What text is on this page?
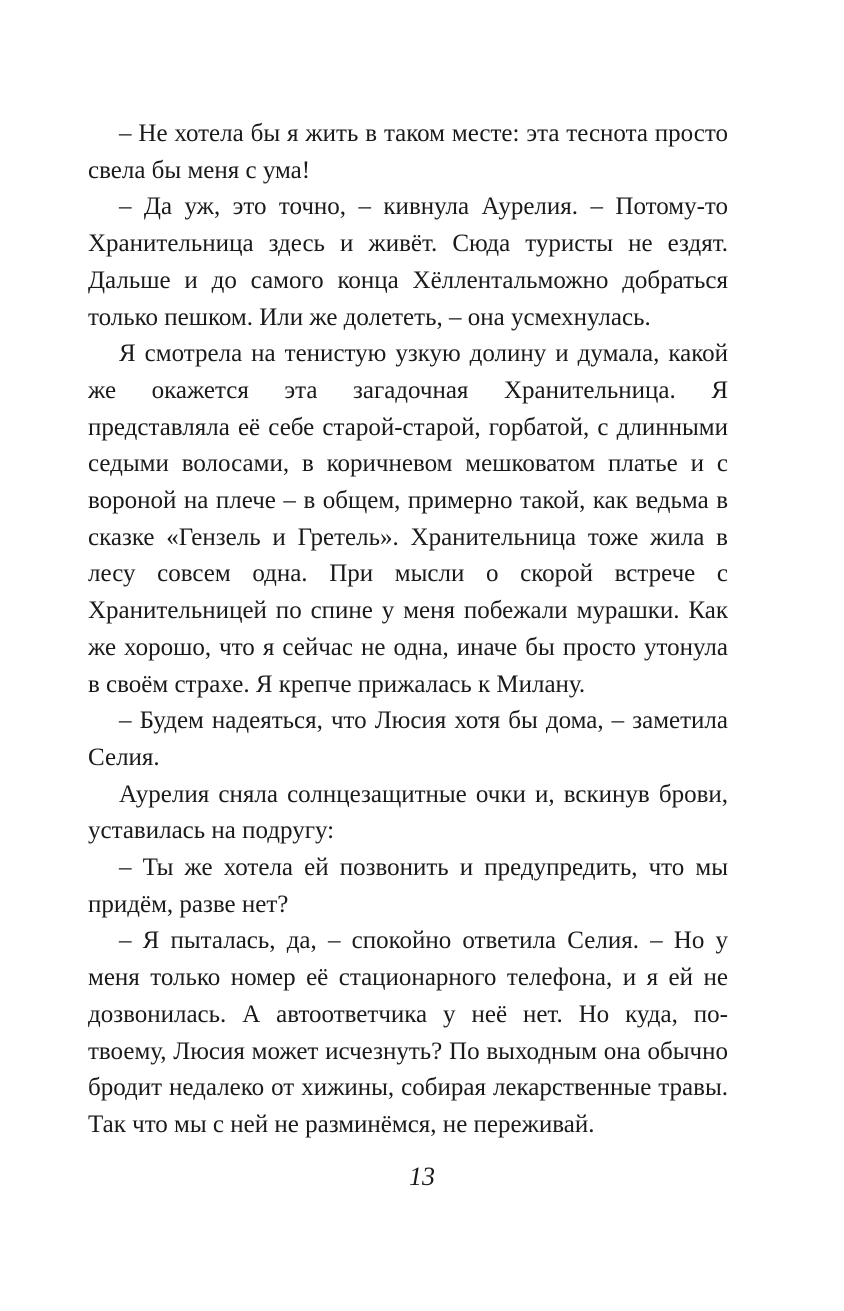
– Не хотела бы я жить в таком месте: эта теснота просто свела бы меня с ума!

– Да уж, это точно, – кивнула Аурелия. – Потому-то Хранительница здесь и живёт. Сюда туристы не ездят. Дальше и до самого конца Хёллентальможно добраться только пешком. Или же долететь, – она усмехнулась.

Я смотрела на тенистую узкую долину и думала, какой же окажется эта загадочная Хранительница. Я представляла её себе старой-старой, горбатой, с длинными седыми волосами, в коричневом мешковатом платье и с вороной на плече – в общем, примерно такой, как ведьма в сказке «Гензель и Гретель». Хранительница тоже жила в лесу совсем одна. При мысли о скорой встрече с Хранительницей по спине у меня побежали мурашки. Как же хорошо, что я сейчас не одна, иначе бы просто утонула в своём страхе. Я крепче прижалась к Милану.

– Будем надеяться, что Люсия хотя бы дома, – заметила Селия.

Аурелия сняла солнцезащитные очки и, вскинув брови, уставилась на подругу:

– Ты же хотела ей позвонить и предупредить, что мы придём, разве нет?

– Я пыталась, да, – спокойно ответила Селия. – Но у меня только номер её стационарного телефона, и я ей не дозвонилась. А автоответчика у неё нет. Но куда, по-твоему, Люсия может исчезнуть? По выходным она обычно бродит недалеко от хижины, собирая лекарственные травы. Так что мы с ней не разминёмся, не переживай.

13
